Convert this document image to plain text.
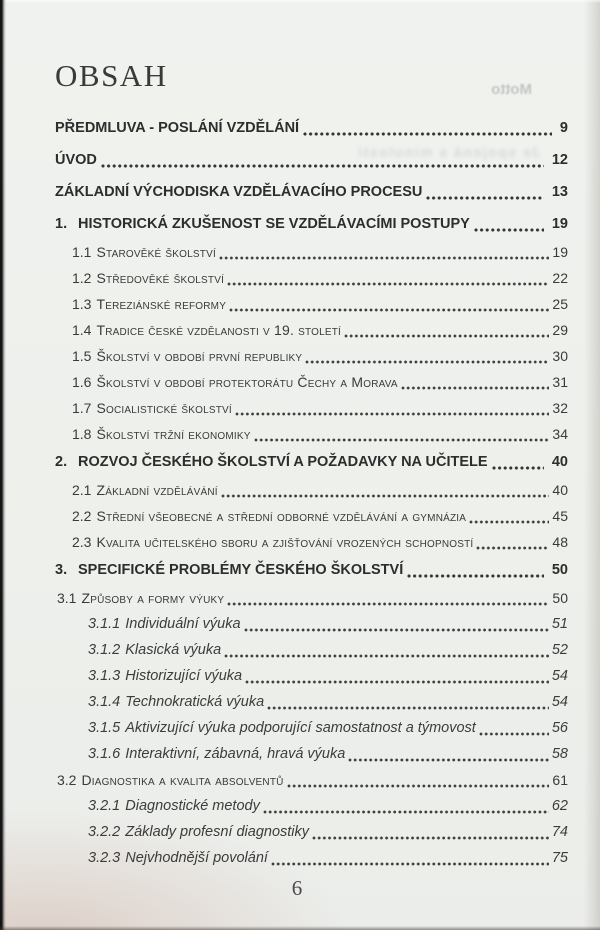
Motto
Je spojená s minulostí
OBSAH
PŘEDMLUVA - POSLÁNÍ VZDĚLÁNÍ	9
ÚVOD	12
ZÁKLADNÍ VÝCHODISKA VZDĚLÁVACÍHO PROCESU	13
1. HISTORICKÁ ZKUŠENOST SE VZDĚLÁVACÍMI POSTUPY	19
1.1 Starověké školství	19
1.2 Středověké školství	22
1.3 Tereziánské reformy	25
1.4 Tradice české vzdělanosti v 19. století	29
1.5 Školství v období první republiky	30
1.6 Školství v období protektorátu Čechy a Morava	31
1.7 Socialistické školství	32
1.8 Školství tržní ekonomiky	34
2. ROZVOJ ČESKÉHO ŠKOLSTVÍ A POŽADAVKY NA UČITELE	40
2.1 Základní vzdělávání	40
2.2 Střední všeobecné a střední odborné vzdělávání a gymnázia	45
2.3 Kvalita učitelského sboru a zjišťování vrozených schopností	48
3. SPECIFICKÉ PROBLÉMY ČESKÉHO ŠKOLSTVÍ	50
3.1 Způsoby a formy výuky	50
3.1.1 Individuální výuka	51
3.1.2 Klasická výuka	52
3.1.3 Historizující výuka	54
3.1.4 Technokratická výuka	54
3.1.5 Aktivizující výuka podporující samostatnost a týmovost	56
3.1.6 Interaktivní, zábavná, hravá výuka	58
3.2 Diagnostika a kvalita absolventů	61
3.2.1 Diagnostické metody	62
3.2.2 Základy profesní diagnostiky	74
3.2.3 Nejvhodnější povolání	75
6
